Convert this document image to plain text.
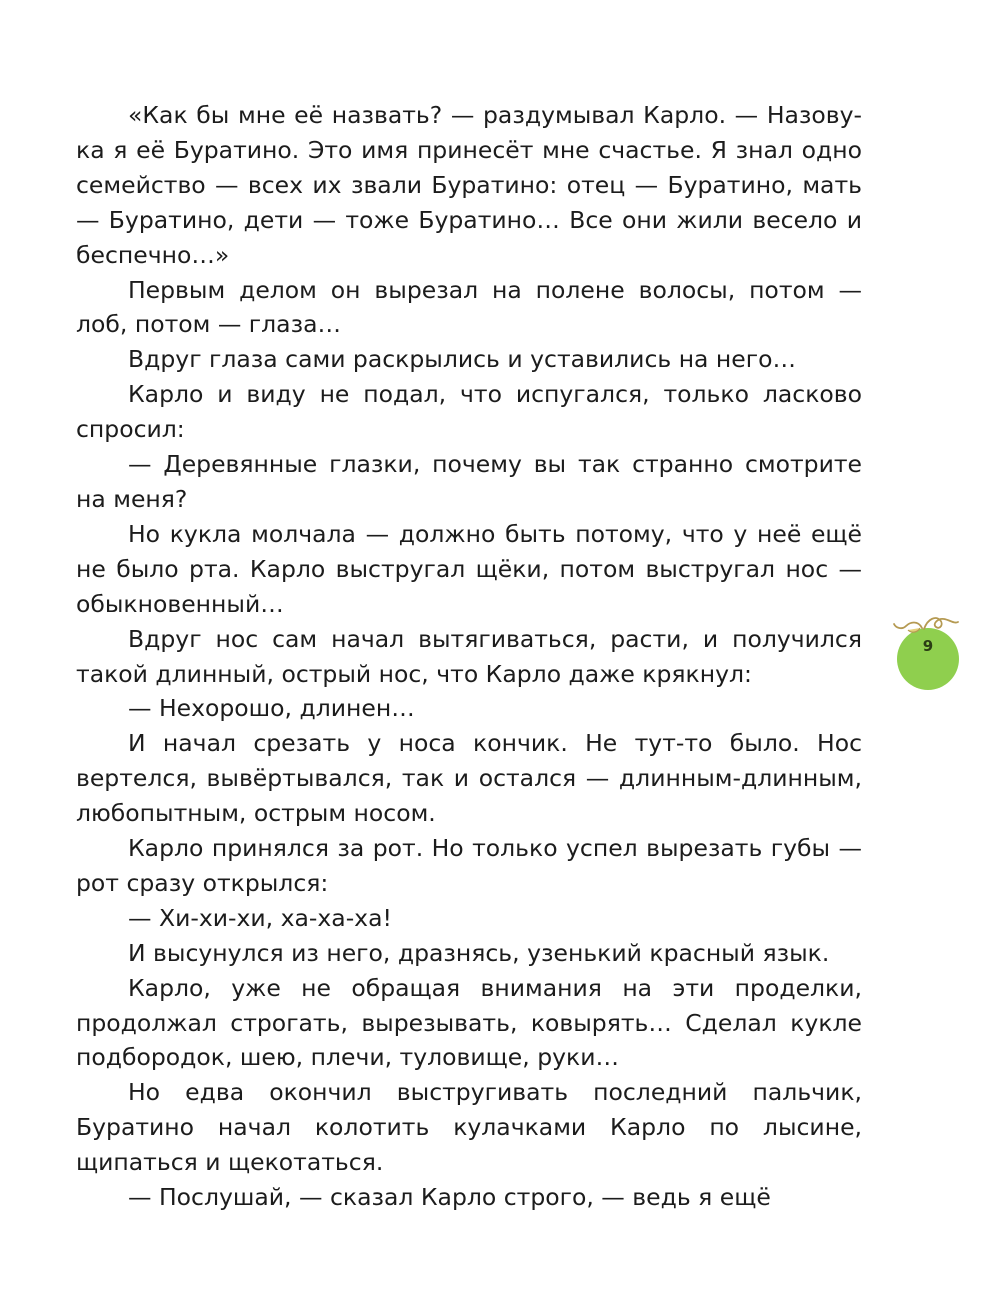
«Как бы мне её назвать? — раздумывал Карло. — Назову-ка я её Буратино. Это имя принесёт мне счастье. Я знал одно семейство — всех их звали Буратино: отец — Буратино, мать — Буратино, дети — тоже Буратино… Все они жили весело и беспечно…»

Первым делом он вырезал на полене волосы, потом — лоб, потом — глаза…

Вдруг глаза сами раскрылись и уставились на него…

Карло и виду не подал, что испугался, только ласково спросил:

— Деревянные глазки, почему вы так странно смотрите на меня?

Но кукла молчала — должно быть потому, что у неё ещё не было рта. Карло выстругал щёки, потом выстругал нос — обыкновенный…

Вдруг нос сам начал вытягиваться, расти, и получился такой длинный, острый нос, что Карло даже крякнул:

— Нехорошо, длинен…

И начал срезать у носа кончик. Не тут-то было. Нос вертелся, вывёртывался, так и остался — длинным-длинным, любопытным, острым носом.

Карло принялся за рот. Но только успел вырезать губы — рот сразу открылся:

— Хи-хи-хи, ха-ха-ха!

И высунулся из него, дразнясь, узенький красный язык.

Карло, уже не обращая внимания на эти проделки, продолжал строгать, вырезывать, ковырять… Сделал кукле подбородок, шею, плечи, туловище, руки…

Но едва окончил выстругивать последний пальчик, Буратино начал колотить кулачками Карло по лысине, щипаться и щекотаться.

— Послушай, — сказал Карло строго, — ведь я ещё

9
